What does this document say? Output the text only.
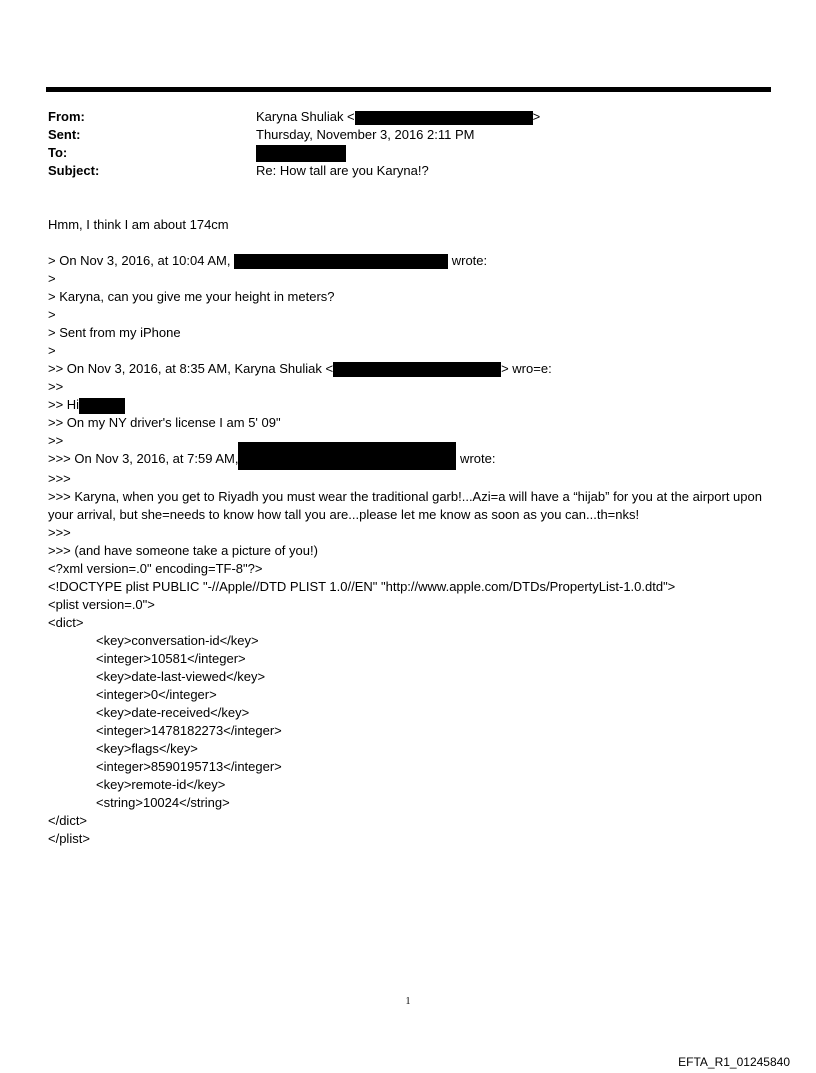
From:	Karyna Shuliak <	>
Sent:	Thursday, November 3, 2016 2:11 PM
To:
Subject:	Re: How tall are you Karyna!?
Hmm, I think I am about 174cm
> On Nov 3, 2016, at 10:04 AM,	wrote:
>
> Karyna, can you give me your height in meters?
>
> Sent from my iPhone
>
>> On Nov 3, 2016, at 8:35 AM, Karyna Shuliak <	> wro=e:
>>
>> Hi
>> On my NY driver's license I am 5' 09"
>>
>>> On Nov 3, 2016, at 7:59 AM,	wrote:
>>>
>>> Karyna, when you get to Riyadh you must wear the traditional garb!...Azi=a will have a “hijab” for you at the airport upon your arrival, but she=needs to know how tall you are...please let me know as soon as you can...th=nks!
>>>
>>> (and have someone take a picture of you!)
<?xml version=.0" encoding=TF-8"?>
<!DOCTYPE plist PUBLIC "-//Apple//DTD PLIST 1.0//EN" "http://www.apple.com/DTDs/PropertyList-1.0.dtd">
<plist version=.0">
<dict>
<key>conversation-id</key>
<integer>10581</integer>
<key>date-last-viewed</key>
<integer>0</integer>
<key>date-received</key>
<integer>1478182273</integer>
<key>flags</key>
<integer>8590195713</integer>
<key>remote-id</key>
<string>10024</string>
</dict>
</plist>
1
EFTA_R1_01245840
